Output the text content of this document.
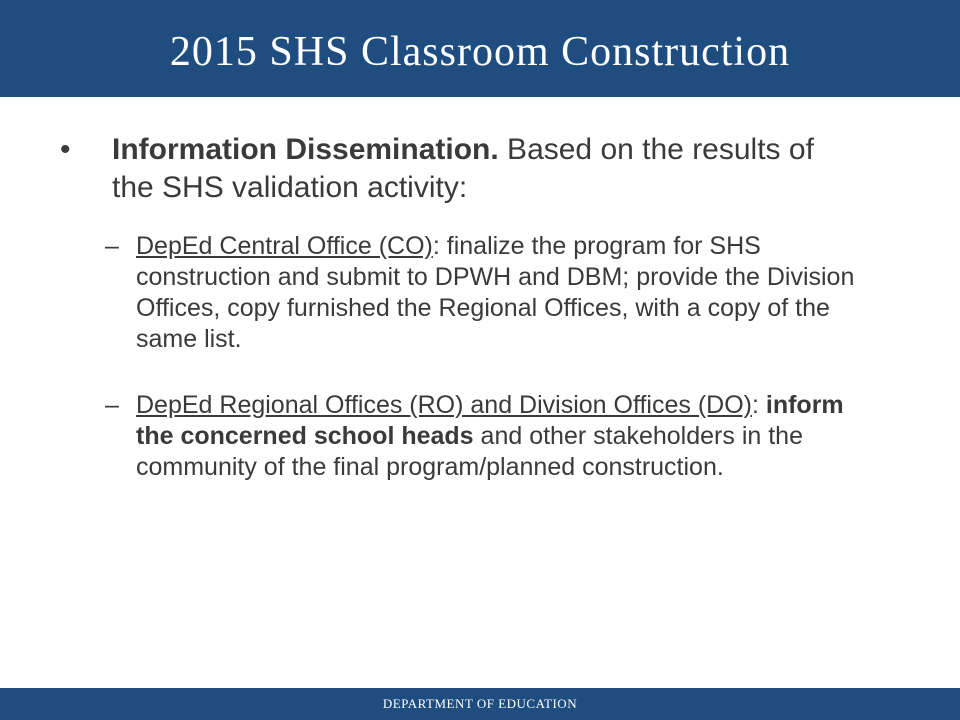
2015 SHS Classroom Construction
• Information Dissemination. Based on the results of the SHS validation activity:
– DepEd Central Office (CO): finalize the program for SHS construction and submit to DPWH and DBM; provide the Division Offices, copy furnished the Regional Offices, with a copy of the same list.
– DepEd Regional Offices (RO) and Division Offices (DO): inform the concerned school heads and other stakeholders in the community of the final program/planned construction.
DEPARTMENT OF EDUCATION
